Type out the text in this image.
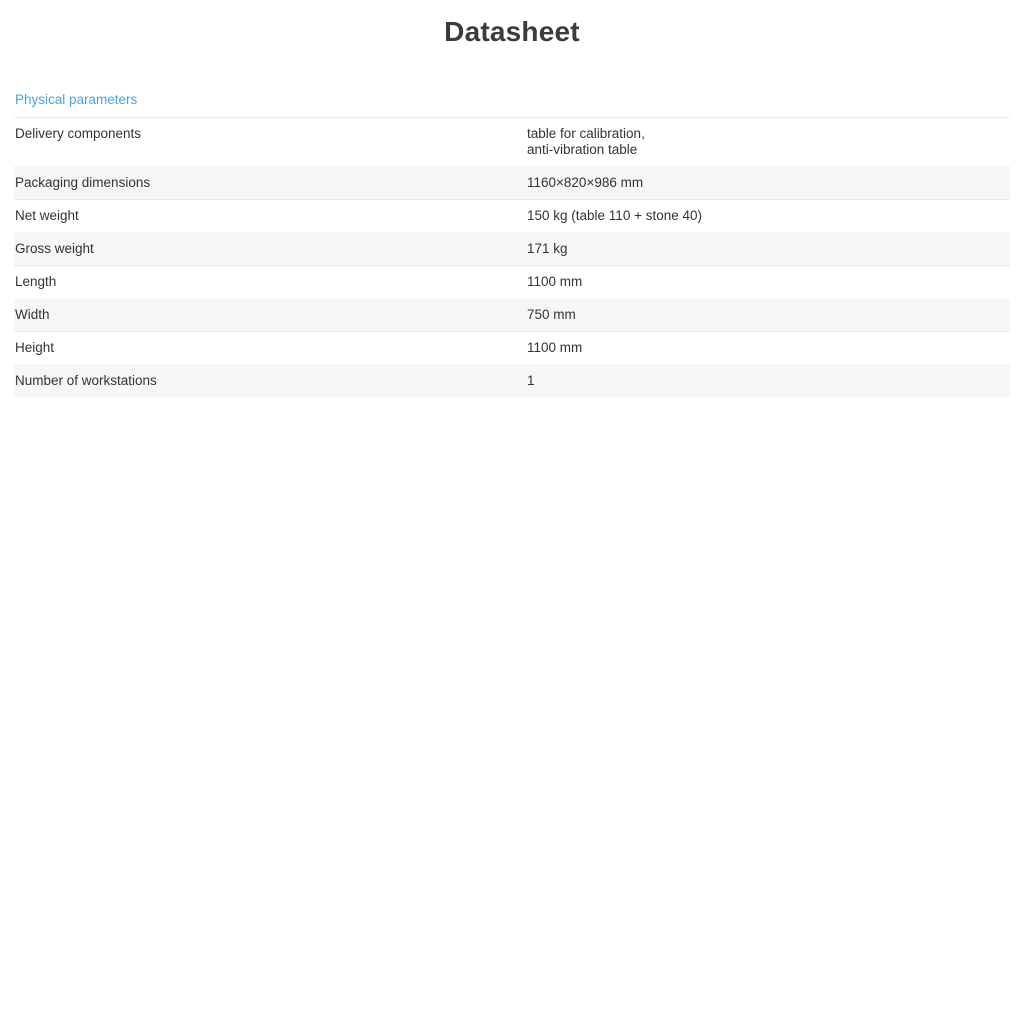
Datasheet
Physical parameters
Delivery components	table for calibration,
anti-vibration table

Packaging dimensions	1160×820×986 mm
Net weight	150 kg (table 110 + stone 40)
Gross weight	171 kg
Length	1100 mm
Width	750 mm
Height	1100 mm
Number of workstations	1
